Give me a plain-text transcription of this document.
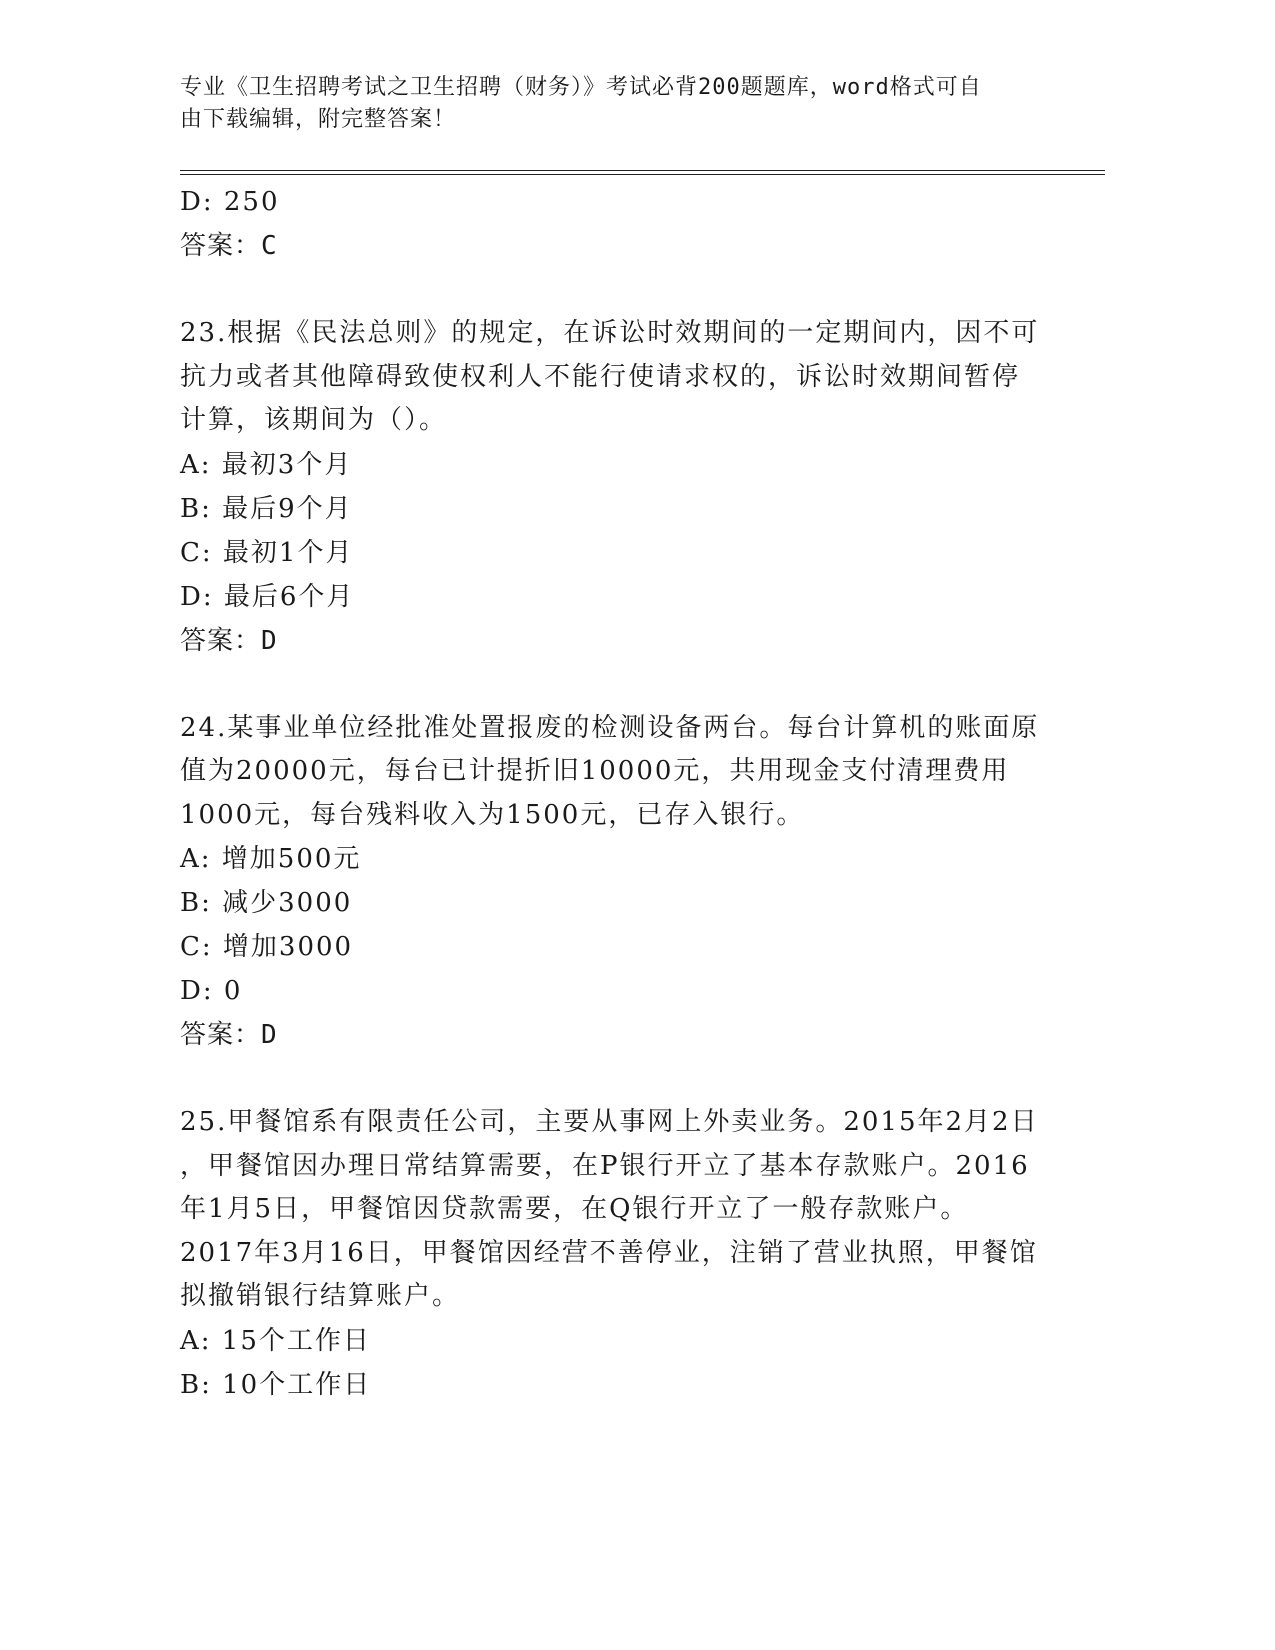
专业《卫生招聘考试之卫生招聘（财务）》考试必背200题题库，word格式可自
由下载编辑，附完整答案！
D: 250
答案：C
23.根据《民法总则》的规定，在诉讼时效期间的一定期间内，因不可
抗力或者其他障碍致使权利人不能行使请求权的，诉讼时效期间暂停
计算，该期间为（）。
A: 最初3个月
B: 最后9个月
C: 最初1个月
D: 最后6个月
答案：D
24.某事业单位经批准处置报废的检测设备两台。每台计算机的账面原
值为20000元，每台已计提折旧10000元，共用现金支付清理费用
1000元，每台残料收入为1500元，已存入银行。
A: 增加500元
B: 减少3000
C: 增加3000
D: 0
答案：D
25.甲餐馆系有限责任公司，主要从事网上外卖业务。2015年2月2日
，甲餐馆因办理日常结算需要，在P银行开立了基本存款账户。2016
年1月5日，甲餐馆因贷款需要，在Q银行开立了一般存款账户。
2017年3月16日，甲餐馆因经营不善停业，注销了营业执照，甲餐馆
拟撤销银行结算账户。
A: 15个工作日
B: 10个工作日
